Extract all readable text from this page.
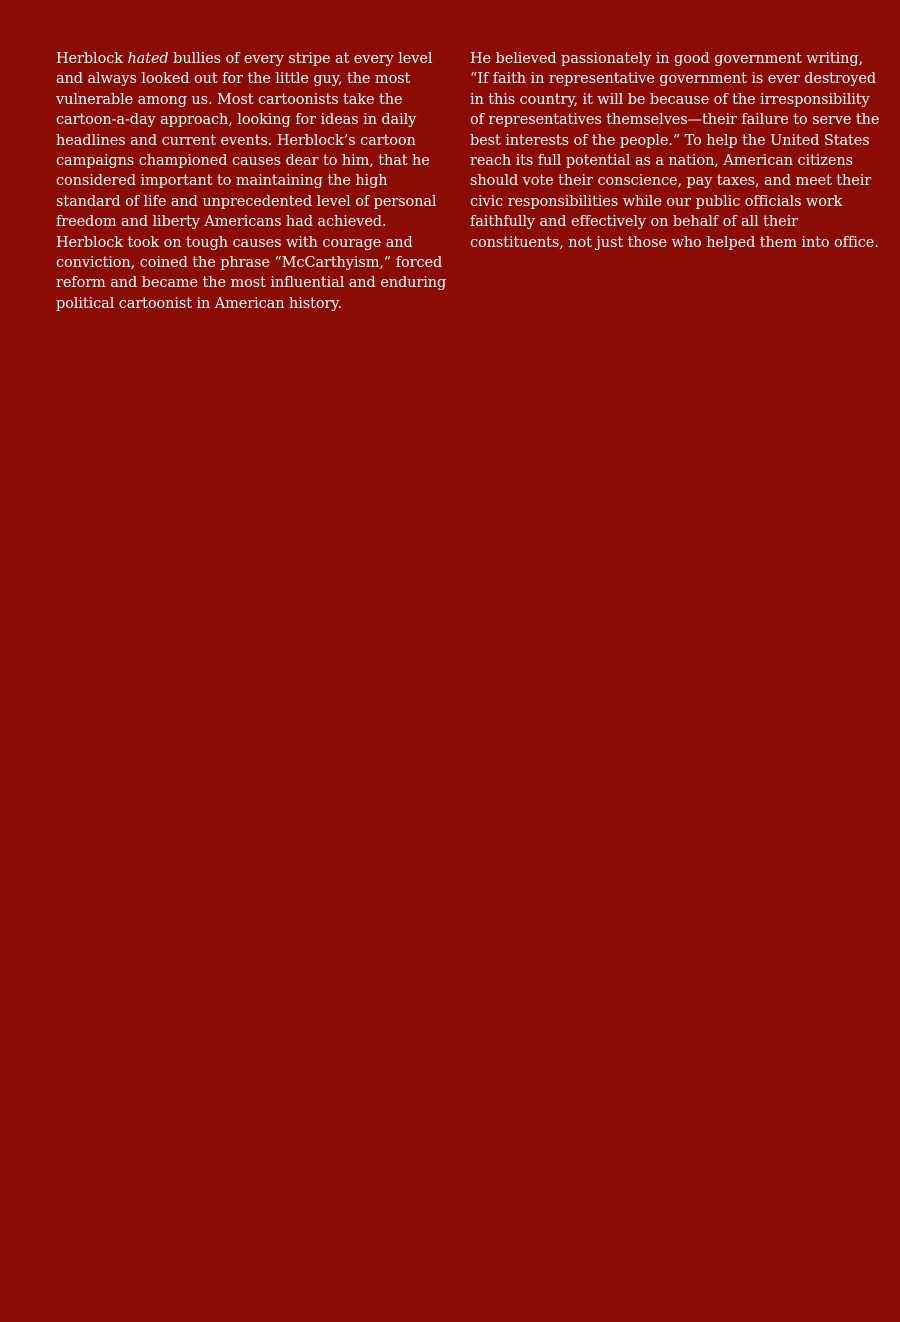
Herblock hated bullies of every stripe at every level and always looked out for the little guy, the most vulnerable among us. Most cartoonists take the cartoon-a-day approach, looking for ideas in daily headlines and current events. Herblock’s cartoon campaigns championed causes dear to him, that he considered important to maintaining the high standard of life and unprecedented level of personal freedom and liberty Americans had achieved. Herblock took on tough causes with courage and conviction, coined the phrase “McCarthyism,” forced reform and became the most influential and enduring political cartoonist in American history.

He believed passionately in good government writing, “If faith in representative government is ever destroyed in this country, it will be because of the irresponsibility of representatives themselves—their failure to serve the best interests of the people.” To help the United States reach its full potential as a nation, American citizens should vote their conscience, pay taxes, and meet their civic responsibilities while our public officials work faithfully and effectively on behalf of all their constituents, not just those who helped them into office.
